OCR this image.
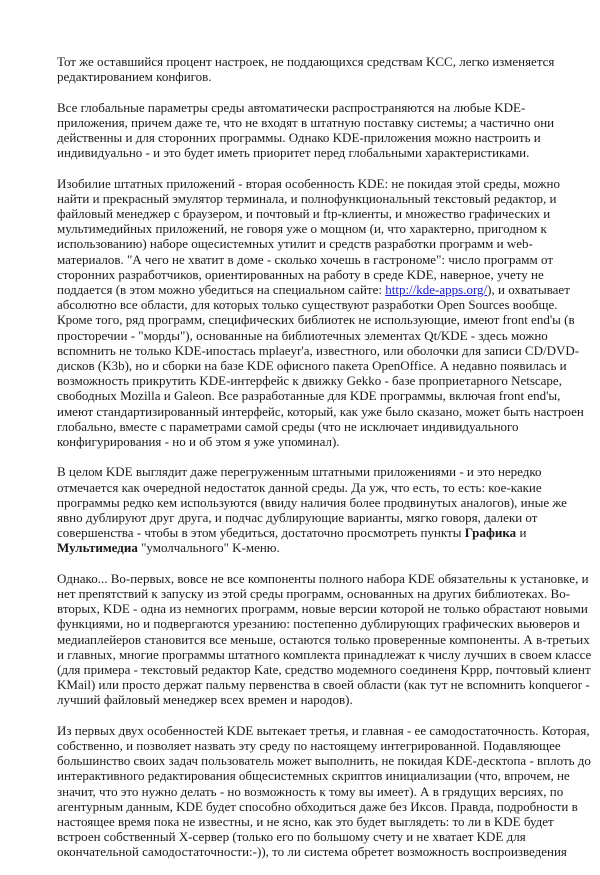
Тот же оставшийся процент настроек, не поддающихся средствам KCC, легко изменяется
редактированием конфигов.

Все глобальные параметры среды автоматически распространяются на любые KDE-
приложения, причем даже те, что не входят в штатную поставку системы; а частично они
действенны и для сторонних программы. Однако KDE-приложения можно настроить и
индивидуально - и это будет иметь приоритет перед глобальными характеристиками.

Изобилие штатных приложений - вторая особенность KDE: не покидая этой среды, можно
найти и прекрасный эмулятор терминала, и полнофункциональный текстовый редактор, и
файловый менеджер с браузером, и почтовый и ftp-клиенты, и множество графических и
мультимедийных приложений, не говоря уже о мощном (и, что характерно, пригодном к
использованию) наборе ощесистемных утилит и средств разработки программ и web-
материалов. "А чего не хватит в доме - сколько хочешь в гастрономе": число программ от
сторонних разработчиков, ориентированных на работу в среде KDE, наверное, учету не
поддается (в этом можно убедиться на специальном сайте: http://kde-apps.org/), и охватывает
абсолютно все области, для которых только существуют разработки Open Sources вообще.
Кроме того, ряд программ, специфических библиотек не использующие, имеют front end'ы (в
просторечии - "морды"), основанные на библиотечных элементах Qt/KDE - здесь можно
вспомнить не только KDE-ипостась mplaeyr'a, известного, или оболочки для записи CD/DVD-
дисков (K3b), но и сборки на базе KDE офисного пакета OpenOffice. А недавно появилась и
возможность прикрутить KDE-интерфейс к движку Gekko - базе проприетарного Netscape,
свободных Mozilla и Galeon. Все разработанные для KDE программы, включая front end'ы,
имеют стандартизированный интерфейс, который, как уже было сказано, может быть настроен
глобально, вместе с параметрами самой среды (что не исключает индивидуального
конфигурирования - но и об этом я уже упоминал).

В целом KDE выглядит даже перегруженным штатными приложениями - и это нередко
отмечается как очередной недостаток данной среды. Да уж, что есть, то есть: кое-какие
программы редко кем используются (ввиду наличия более продвинутых аналогов), иные же
явно дублируют друг друга, и подчас дублирующие варианты, мягко говоря, далеки от
совершенства - чтобы в этом убедиться, достаточно просмотреть пункты Графика и
Мультимедиа "умолчального" K-меню.

Однако... Во-первых, вовсе не все компоненты полного набора KDE обязательны к установке, и
нет препятствий к запуску из этой среды программ, основанных на других библиотеках. Во-
вторых, KDE - одна из немногих программ, новые версии которой не только обрастают новыми
функциями, но и подвергаются урезанию: постепенно дублирующих графических вьюверов и
медиаплейеров становится все меньше, остаются только проверенные компоненты. А в-третьих
и главных, многие программы штатного комплекта принадлежат к числу лучших в своем классе
(для примера - текстовый редактор Kate, средство модемного соединеня Kppp, почтовый клиент
KMail) или просто держат пальму первенства в своей области (как тут не вспомнить konqueror -
лучший файловый менеджер всех времен и народов).

Из первых двух особенностей KDE вытекает третья, и главная - ее самодостаточность. Которая,
собственно, и позволяет назвать эту среду по настоящему интегрированной. Подавляющее
большинство своих задач пользователь может выполнить, не покидая KDE-десктопа - вплоть до
интерактивного редактирования общесистемных скриптов инициализации (что, впрочем, не
значит, что это нужно делать - но возможность к тому вы имеет). А в грядущих версиях, по
агентурным данным, KDE будет способно обходиться даже без Иксов. Правда, подробности в
настоящее время пока не известны, и не ясно, как это будет выглядеть: то ли в KDE будет
встроен собственный X-сервер (только его по большому счету и не хватает KDE для
окончательной самодостаточности:-)), то ли система обретет возможность воспроизведения
